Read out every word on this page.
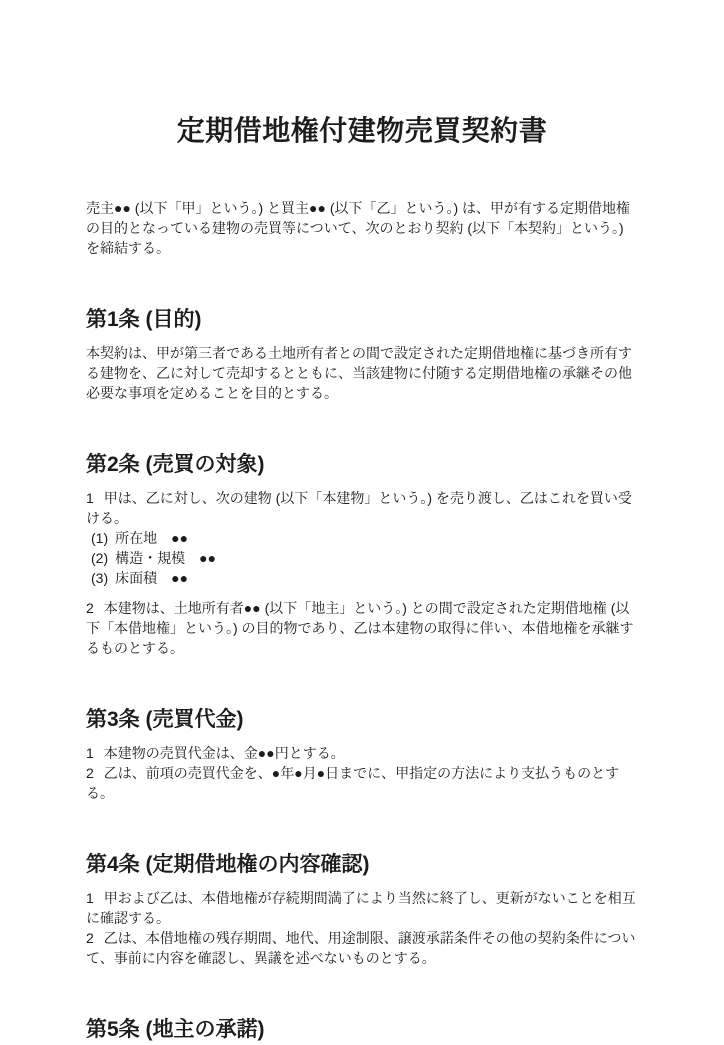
定期借地権付建物売買契約書

売主●● (以下「甲」という。) と買主●● (以下「乙」という。) は、甲が有する定期借地権の目的となっている建物の売買等について、次のとおり契約 (以下「本契約」という。) を締結する。

第1条 (目的)

本契約は、甲が第三者である土地所有者との間で設定された定期借地権に基づき所有する建物を、乙に対して売却するとともに、当該建物に付随する定期借地権の承継その他必要な事項を定めることを目的とする。

第2条 (売買の対象)

1 甲は、乙に対し、次の建物 (以下「本建物」という。) を売り渡し、乙はこれを買い受ける。

(1) 所在地 ●●

(2) 構造・規模 ●●

(3) 床面積 ●●

2 本建物は、土地所有者●● (以下「地主」という。) との間で設定された定期借地権 (以下「本借地権」という。) の目的物であり、乙は本建物の取得に伴い、本借地権を承継するものとする。

第3条 (売買代金)

1 本建物の売買代金は、金●●円とする。

2 乙は、前項の売買代金を、●年●月●日までに、甲指定の方法により支払うものとする。

第4条 (定期借地権の内容確認)

1 甲および乙は、本借地権が存続期間満了により当然に終了し、更新がないことを相互に確認する。

2 乙は、本借地権の残存期間、地代、用途制限、譲渡承諾条件その他の契約条件について、事前に内容を確認し、異議を述べないものとする。

第5条 (地主の承諾)
